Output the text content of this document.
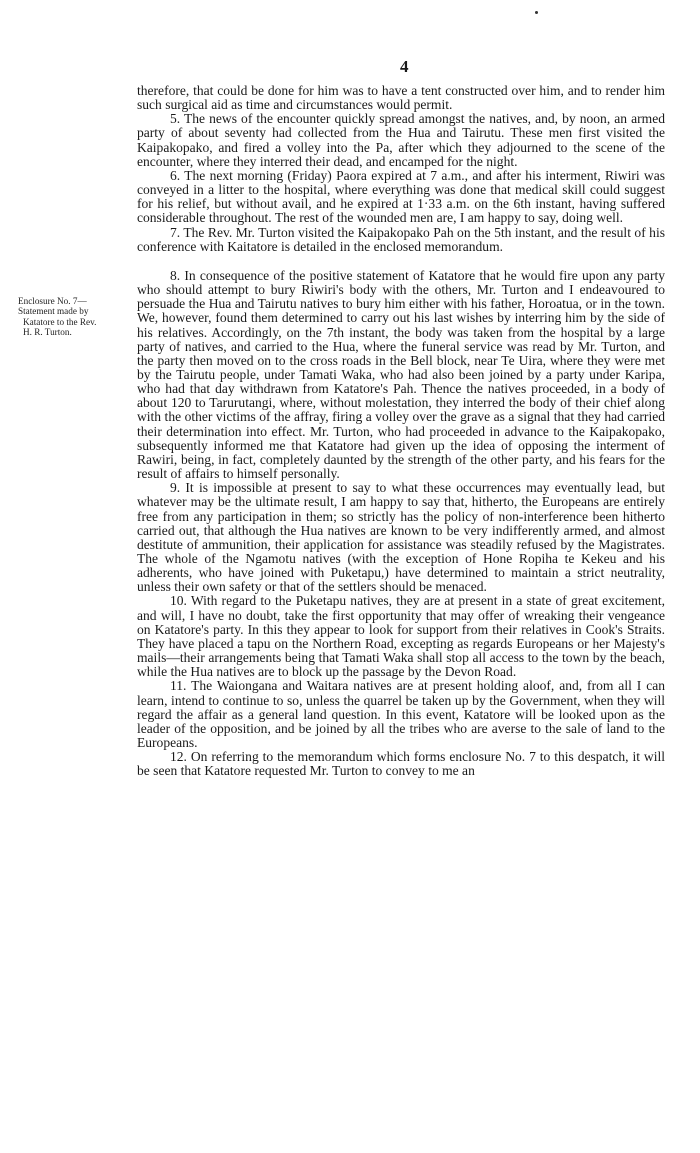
4
Enclosure No. 7—
Statement made by
Katatore to the Rev.
H. R. Turton.

therefore, that could be done for him was to have a tent constructed over him, and to render him such surgical aid as time and circumstances would permit.

5. The news of the encounter quickly spread amongst the natives, and, by noon, an armed party of about seventy had collected from the Hua and Tairutu. These men first visited the Kaipakopako, and fired a volley into the Pa, after which they adjourned to the scene of the encounter, where they interred their dead, and encamped for the night.

6. The next morning (Friday) Paora expired at 7 a.m., and after his interment, Riwiri was conveyed in a litter to the hospital, where everything was done that medical skill could suggest for his relief, but without avail, and he expired at 1·33 a.m. on the 6th instant, having suffered considerable throughout. The rest of the wounded men are, I am happy to say, doing well.

7. The Rev. Mr. Turton visited the Kaipakopako Pah on the 5th instant, and the result of his conference with Kaitatore is detailed in the enclosed memorandum.

8. In consequence of the positive statement of Katatore that he would fire upon any party who should attempt to bury Riwiri's body with the others, Mr. Turton and I endeavoured to persuade the Hua and Tairutu natives to bury him either with his father, Horoatua, or in the town. We, however, found them determined to carry out his last wishes by interring him by the side of his relatives. Accordingly, on the 7th instant, the body was taken from the hospital by a large party of natives, and carried to the Hua, where the funeral service was read by Mr. Turton, and the party then moved on to the cross roads in the Bell block, near Te Uira, where they were met by the Tairutu people, under Tamati Waka, who had also been joined by a party under Karipa, who had that day withdrawn from Katatore's Pah. Thence the natives proceeded, in a body of about 120 to Tarurutangi, where, without molestation, they interred the body of their chief along with the other victims of the affray, firing a volley over the grave as a signal that they had carried their determination into effect. Mr. Turton, who had proceeded in advance to the Kaipakopako, subsequently informed me that Katatore had given up the idea of opposing the interment of Rawiri, being, in fact, completely daunted by the strength of the other party, and his fears for the result of affairs to himself personally.

9. It is impossible at present to say to what these occurrences may eventually lead, but whatever may be the ultimate result, I am happy to say that, hitherto, the Europeans are entirely free from any participation in them; so strictly has the policy of non-interference been hitherto carried out, that although the Hua natives are known to be very indifferently armed, and almost destitute of ammunition, their application for assistance was steadily refused by the Magistrates. The whole of the Ngamotu natives (with the exception of Hone Ropiha te Kekeu and his adherents, who have joined with Puketapu,) have determined to maintain a strict neutrality, unless their own safety or that of the settlers should be menaced.

10. With regard to the Puketapu natives, they are at present in a state of great excitement, and will, I have no doubt, take the first opportunity that may offer of wreaking their vengeance on Katatore's party. In this they appear to look for support from their relatives in Cook's Straits. They have placed a tapu on the Northern Road, excepting as regards Europeans or her Majesty's mails—their arrangements being that Tamati Waka shall stop all access to the town by the beach, while the Hua natives are to block up the passage by the Devon Road.

11. The Waiongana and Waitara natives are at present holding aloof, and, from all I can learn, intend to continue to so, unless the quarrel be taken up by the Government, when they will regard the affair as a general land question. In this event, Katatore will be looked upon as the leader of the opposition, and be joined by all the tribes who are averse to the sale of land to the Europeans.

12. On referring to the memorandum which forms enclosure No. 7 to this despatch, it will be seen that Katatore requested Mr. Turton to convey to me an
